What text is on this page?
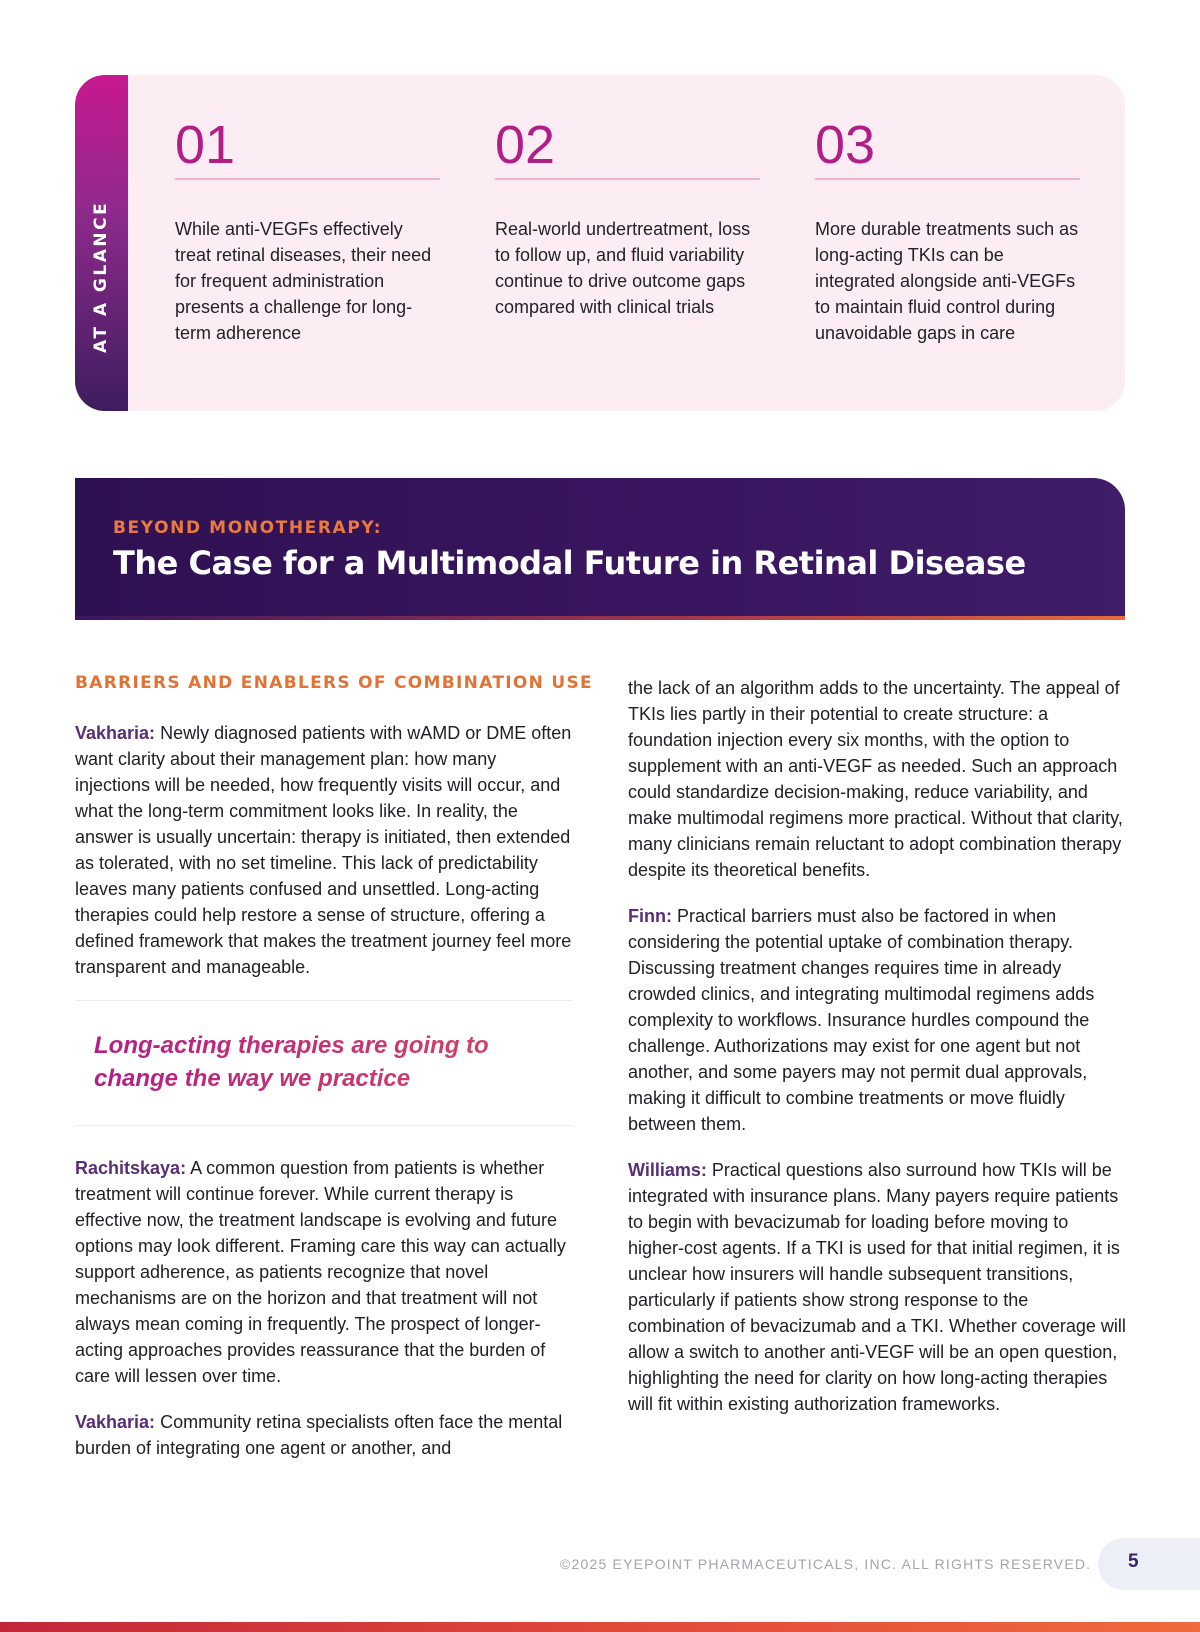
AT A GLANCE
01
While anti-VEGFs effectively treat retinal diseases, their need for frequent administration presents a challenge for long-term adherence
02
Real-world undertreatment, loss to follow up, and fluid variability continue to drive outcome gaps compared with clinical trials
03
More durable treatments such as long-acting TKIs can be integrated alongside anti-VEGFs to maintain fluid control during unavoidable gaps in care
BEYOND MONOTHERAPY:
The Case for a Multimodal Future in Retinal Disease
BARRIERS AND ENABLERS OF COMBINATION USE

Vakharia: Newly diagnosed patients with wAMD or DME often want clarity about their management plan: how many injections will be needed, how frequently visits will occur, and what the long-term commitment looks like. In reality, the answer is usually uncertain: therapy is initiated, then extended as tolerated, with no set timeline. This lack of predictability leaves many patients confused and unsettled. Long-acting therapies could help restore a sense of structure, offering a defined framework that makes the treatment journey feel more transparent and manageable.

Long-acting therapies are going to change the way we practice

Rachitskaya: A common question from patients is whether treatment will continue forever. While current therapy is effective now, the treatment landscape is evolving and future options may look different. Framing care this way can actually support adherence, as patients recognize that novel mechanisms are on the horizon and that treatment will not always mean coming in frequently. The prospect of longer-acting approaches provides reassurance that the burden of care will lessen over time.

Vakharia: Community retina specialists often face the mental burden of integrating one agent or another, and

the lack of an algorithm adds to the uncertainty. The appeal of TKIs lies partly in their potential to create structure: a foundation injection every six months, with the option to supplement with an anti-VEGF as needed. Such an approach could standardize decision-making, reduce variability, and make multimodal regimens more practical. Without that clarity, many clinicians remain reluctant to adopt combination therapy despite its theoretical benefits.

Finn: Practical barriers must also be factored in when considering the potential uptake of combination therapy. Discussing treatment changes requires time in already crowded clinics, and integrating multimodal regimens adds complexity to workflows. Insurance hurdles compound the challenge. Authorizations may exist for one agent but not another, and some payers may not permit dual approvals, making it difficult to combine treatments or move fluidly between them.

Williams: Practical questions also surround how TKIs will be integrated with insurance plans. Many payers require patients to begin with bevacizumab for loading before moving to higher-cost agents. If a TKI is used for that initial regimen, it is unclear how insurers will handle subsequent transitions, particularly if patients show strong response to the combination of bevacizumab and a TKI. Whether coverage will allow a switch to another anti-VEGF will be an open question, highlighting the need for clarity on how long-acting therapies will fit within existing authorization frameworks.

©2025 EYEPOINT PHARMACEUTICALS, INC. ALL RIGHTS RESERVED. 5
